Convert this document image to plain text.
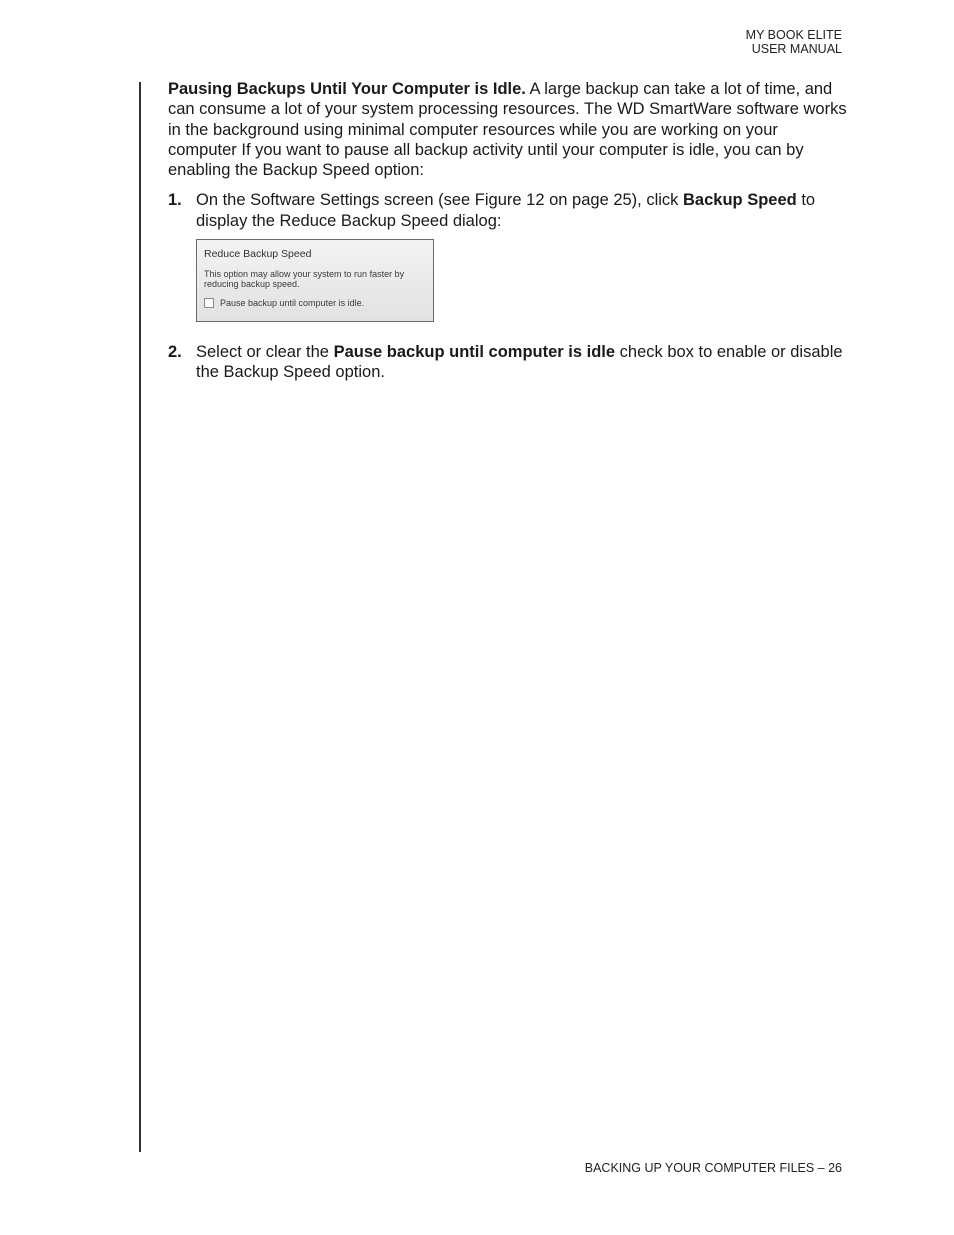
MY BOOK ELITE
USER MANUAL

Pausing Backups Until Your Computer is Idle. A large backup can take a lot of time, and can consume a lot of your system processing resources. The WD SmartWare software works in the background using minimal computer resources while you are working on your computer If you want to pause all backup activity until your computer is idle, you can by enabling the Backup Speed option:

1. On the Software Settings screen (see Figure 12 on page 25), click Backup Speed to display the Reduce Backup Speed dialog:
Reduce Backup Speed
This option may allow your system to run faster by reducing backup speed.
Pause backup until computer is idle.
2. Select or clear the Pause backup until computer is idle check box to enable or disable the Backup Speed option.
BACKING UP YOUR COMPUTER FILES – 26
